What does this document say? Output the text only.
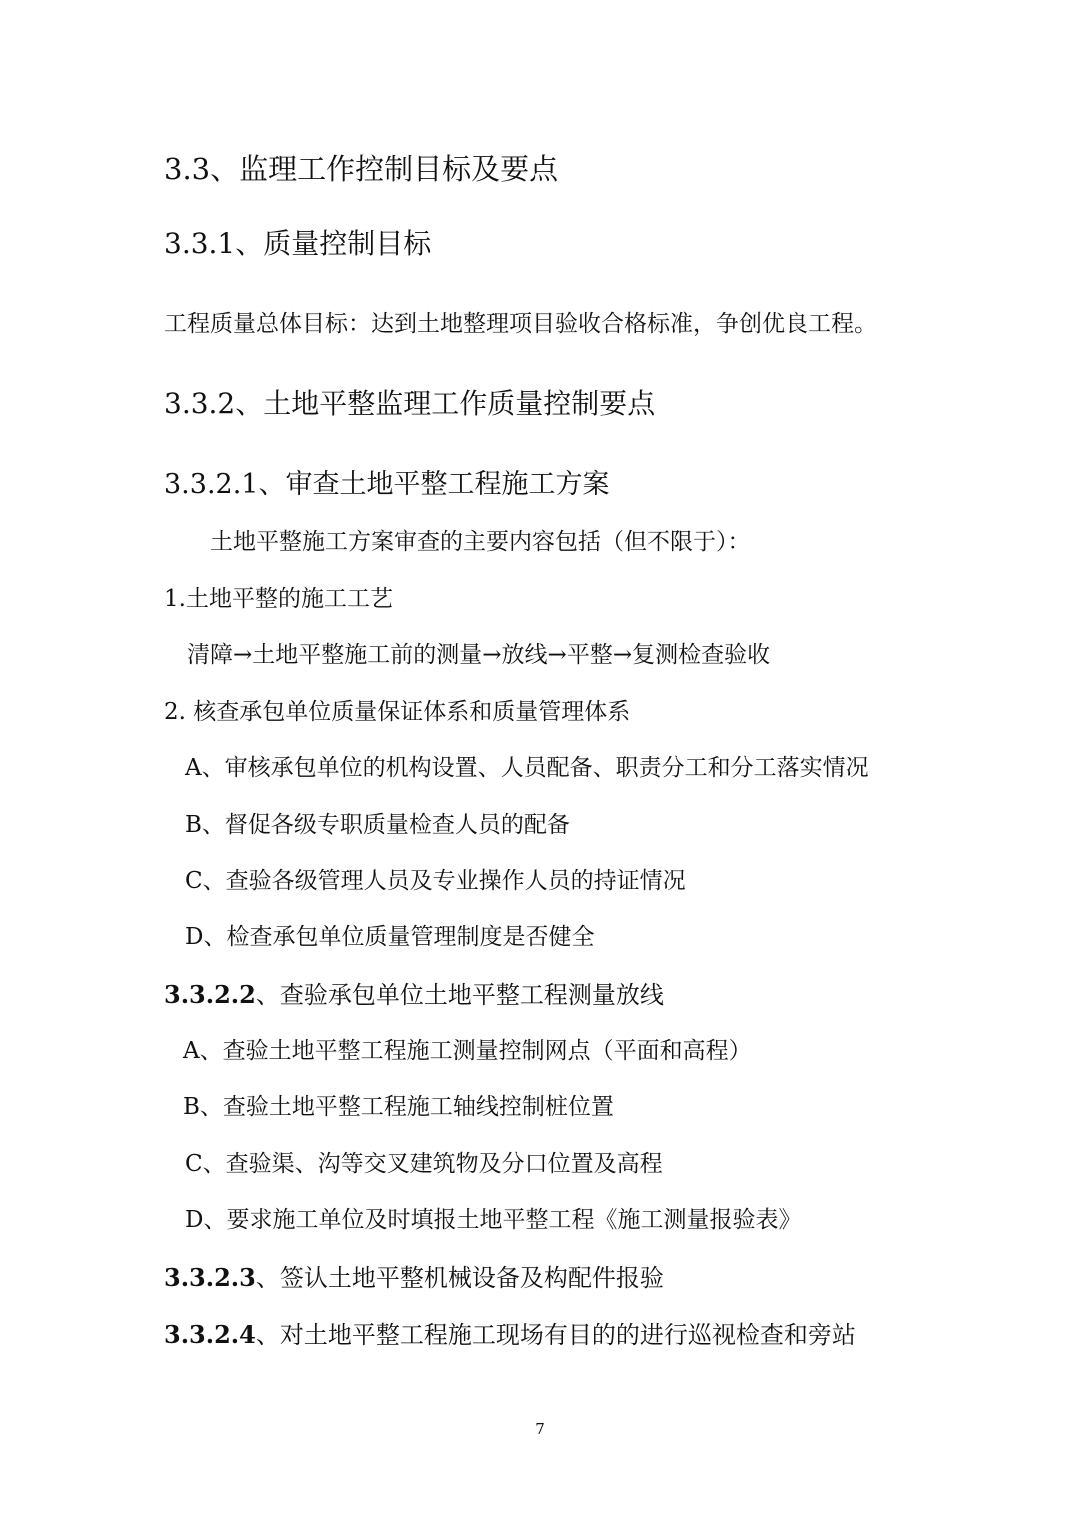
3.3、监理工作控制目标及要点
3.3.1、质量控制目标
工程质量总体目标：达到土地整理项目验收合格标准，争创优良工程。
3.3.2、土地平整监理工作质量控制要点
3.3.2.1、审查土地平整工程施工方案
土地平整施工方案审查的主要内容包括（但不限于）：
1.土地平整的施工工艺
清障→土地平整施工前的测量→放线→平整→复测检查验收
2. 核查承包单位质量保证体系和质量管理体系
A、审核承包单位的机构设置、人员配备、职责分工和分工落实情况
B、督促各级专职质量检查人员的配备
C、查验各级管理人员及专业操作人员的持证情况
D、检查承包单位质量管理制度是否健全
3.3.2.2、查验承包单位土地平整工程测量放线
A、查验土地平整工程施工测量控制网点（平面和高程）
B、查验土地平整工程施工轴线控制桩位置
C、查验渠、沟等交叉建筑物及分口位置及高程
D、要求施工单位及时填报土地平整工程《施工测量报验表》
3.3.2.3、签认土地平整机械设备及构配件报验
3.3.2.4、对土地平整工程施工现场有目的的进行巡视检查和旁站
7
